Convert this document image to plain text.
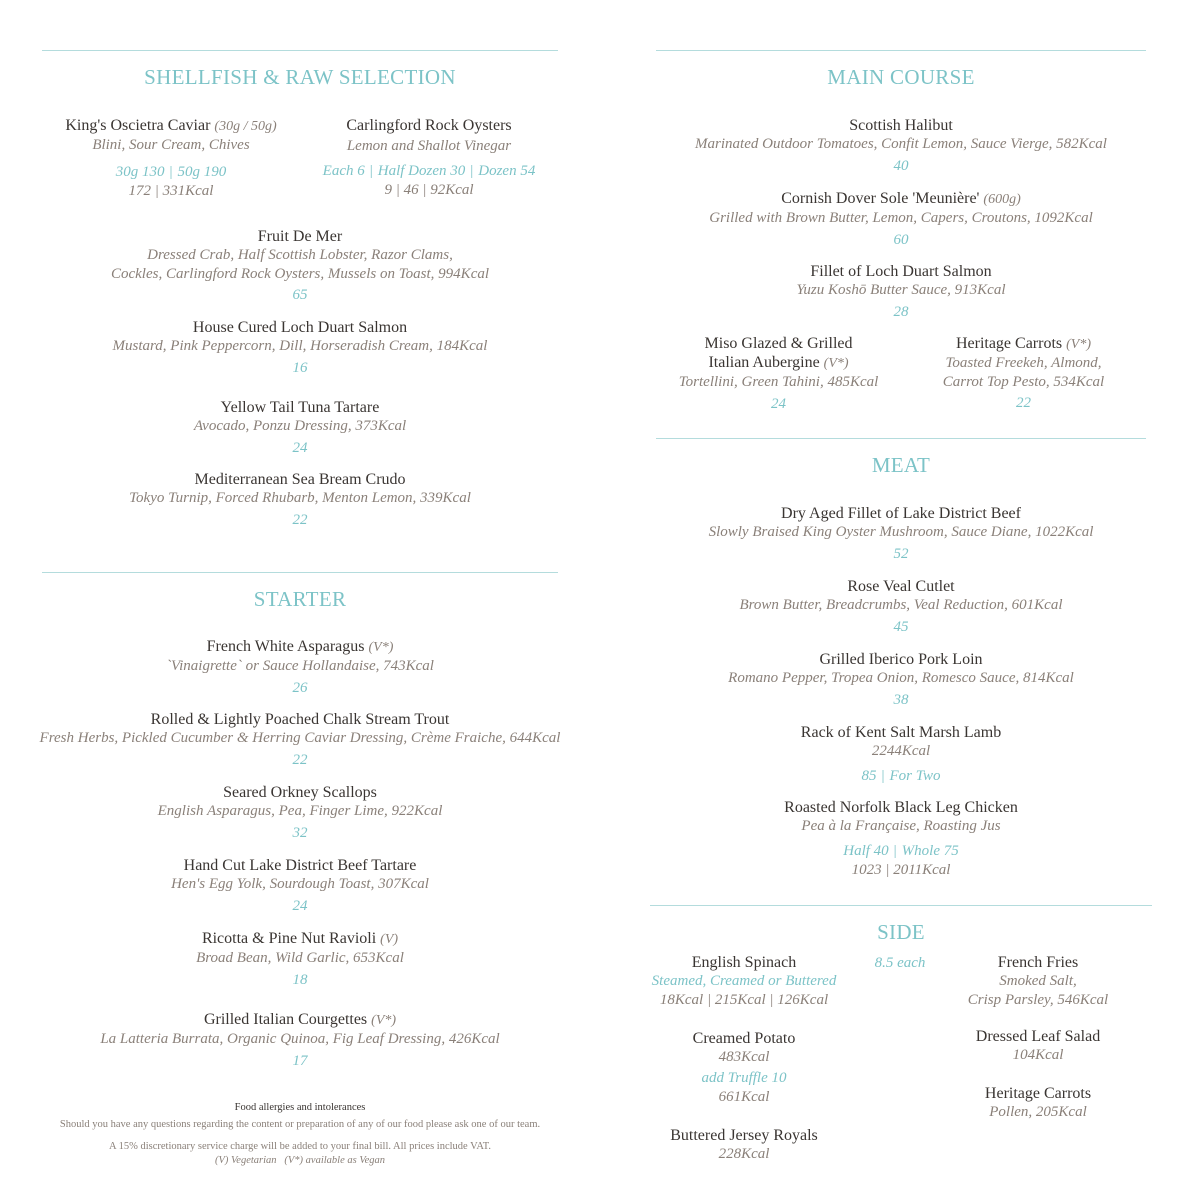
SHELLFISH & RAW SELECTION
King's Oscietra Caviar (30g / 50g)
Blini, Sour Cream, Chives
30g 130 | 50g 190
172 | 331Kcal
Carlingford Rock Oysters
Lemon and Shallot Vinegar
Each 6 | Half Dozen 30 | Dozen 54
9 | 46 | 92Kcal
Fruit De Mer
Dressed Crab, Half Scottish Lobster, Razor Clams,
Cockles, Carlingford Rock Oysters, Mussels on Toast, 994Kcal
65
House Cured Loch Duart Salmon
Mustard, Pink Peppercorn, Dill, Horseradish Cream, 184Kcal
16
Yellow Tail Tuna Tartare
Avocado, Ponzu Dressing, 373Kcal
24
Mediterranean Sea Bream Crudo
Tokyo Turnip, Forced Rhubarb, Menton Lemon, 339Kcal
22
STARTER
French White Asparagus (V*)
`Vinaigrette` or Sauce Hollandaise, 743Kcal
26
Rolled & Lightly Poached Chalk Stream Trout
Fresh Herbs, Pickled Cucumber & Herring Caviar Dressing, Crème Fraiche, 644Kcal
22
Seared Orkney Scallops
English Asparagus, Pea, Finger Lime, 922Kcal
32
Hand Cut Lake District Beef Tartare
Hen's Egg Yolk, Sourdough Toast, 307Kcal
24
Ricotta & Pine Nut Ravioli (V)
Broad Bean, Wild Garlic, 653Kcal
18
Grilled Italian Courgettes (V*)
La Latteria Burrata, Organic Quinoa, Fig Leaf Dressing, 426Kcal
17
Food allergies and intolerances
Should you have any questions regarding the content or preparation of any of our food please ask one of our team.
A 15% discretionary service charge will be added to your final bill. All prices include VAT.
(V) Vegetarian   (V*) available as Vegan
MAIN COURSE
Scottish Halibut
Marinated Outdoor Tomatoes, Confit Lemon, Sauce Vierge, 582Kcal
40
Cornish Dover Sole 'Meunière' (600g)
Grilled with Brown Butter, Lemon, Capers, Croutons, 1092Kcal
60
Fillet of Loch Duart Salmon
Yuzu Koshō Butter Sauce, 913Kcal
28
Miso Glazed & Grilled
Italian Aubergine (V*)
Tortellini, Green Tahini, 485Kcal
24
Heritage Carrots (V*)
Toasted Freekeh, Almond,
Carrot Top Pesto, 534Kcal
22
MEAT
Dry Aged Fillet of Lake District Beef
Slowly Braised King Oyster Mushroom, Sauce Diane, 1022Kcal
52
Rose Veal Cutlet
Brown Butter, Breadcrumbs, Veal Reduction, 601Kcal
45
Grilled Iberico Pork Loin
Romano Pepper, Tropea Onion, Romesco Sauce, 814Kcal
38
Rack of Kent Salt Marsh Lamb
2244Kcal
85 | For Two
Roasted Norfolk Black Leg Chicken
Pea à la Française, Roasting Jus
Half 40 | Whole 75
1023 | 2011Kcal
SIDE
8.5 each
English Spinach
Steamed, Creamed or Buttered
18Kcal | 215Kcal | 126Kcal
Creamed Potato
483Kcal
add Truffle 10
661Kcal
Buttered Jersey Royals
228Kcal
French Fries
Smoked Salt,
Crisp Parsley, 546Kcal
Dressed Leaf Salad
104Kcal
Heritage Carrots
Pollen, 205Kcal
